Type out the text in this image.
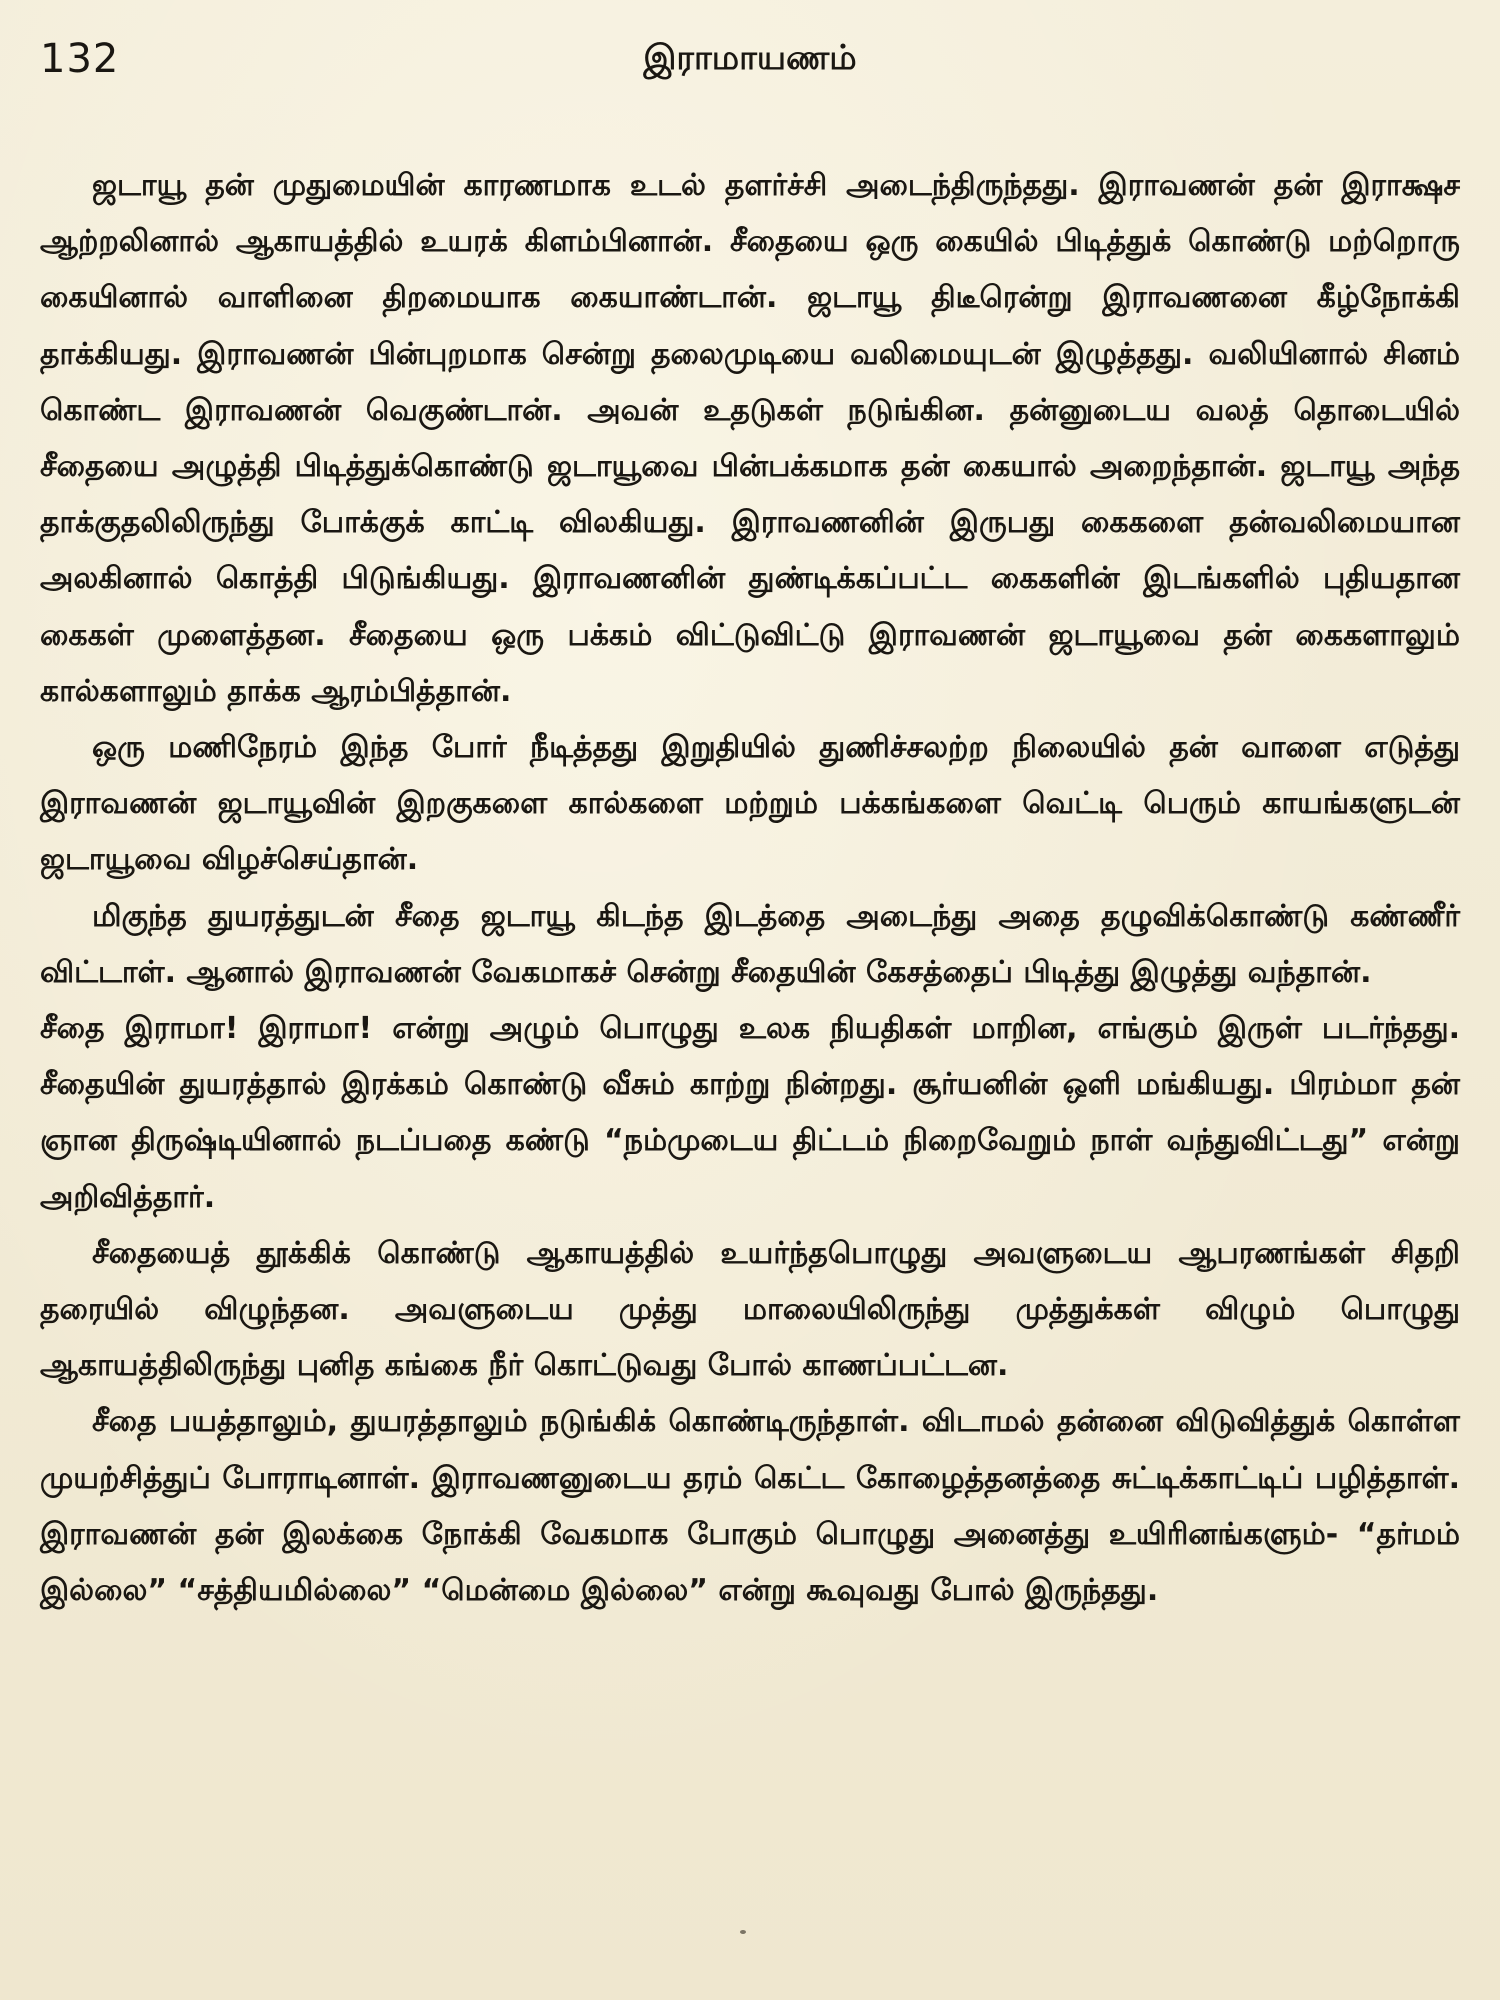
132	இராமாயணம்

ஜடாயூ தன் முதுமையின் காரணமாக உடல் தளர்ச்சி அடைந்திருந்தது. இராவணன் தன் இராக்ஷச ஆற்றலினால் ஆகாயத்தில் உயரக் கிளம்பினான். சீதையை ஒரு கையில் பிடித்துக் கொண்டு மற்றொரு கையினால் வாளினை திறமையாக கையாண்டான். ஜடாயூ திடீரென்று இராவணனை கீழ்நோக்கி தாக்கியது. இராவணன் பின்புறமாக சென்று தலைமுடியை வலிமையுடன் இழுத்தது. வலியினால் சினம் கொண்ட இராவணன் வெகுண்டான். அவன் உதடுகள் நடுங்கின. தன்னுடைய வலத் தொடையில் சீதையை அழுத்தி பிடித்துக்கொண்டு ஜடாயூவை பின்பக்கமாக தன் கையால் அறைந்தான். ஜடாயூ அந்த தாக்குதலிலிருந்து போக்குக் காட்டி விலகியது. இராவணனின் இருபது கைகளை தன்வலிமையான அலகினால் கொத்தி பிடுங்கியது. இராவணனின் துண்டிக்கப்பட்ட கைகளின் இடங்களில் புதியதான கைகள் முளைத்தன. சீதையை ஒரு பக்கம் விட்டுவிட்டு இராவணன் ஜடாயூவை தன் கைகளாலும் கால்களாலும் தாக்க ஆரம்பித்தான்.

ஒரு மணிநேரம் இந்த போர் நீடித்தது இறுதியில் துணிச்சலற்ற நிலையில் தன் வாளை எடுத்து இராவணன் ஜடாயூவின் இறகுகளை கால்களை மற்றும் பக்கங்களை வெட்டி பெரும் காயங்களுடன் ஜடாயூவை விழச்செய்தான்.

மிகுந்த துயரத்துடன் சீதை ஜடாயூ கிடந்த இடத்தை அடைந்து அதை தழுவிக்கொண்டு கண்ணீர் விட்டாள். ஆனால் இராவணன் வேகமாகச் சென்று சீதையின் கேசத்தைப் பிடித்து இழுத்து வந்தான்.

சீதை இராமா! இராமா! என்று அழும் பொழுது உலக நியதிகள் மாறின, எங்கும் இருள் படர்ந்தது. சீதையின் துயரத்தால் இரக்கம் கொண்டு வீசும் காற்று நின்றது. சூர்யனின் ஒளி மங்கியது. பிரம்மா தன் ஞான திருஷ்டியினால் நடப்பதை கண்டு “நம்முடைய திட்டம் நிறைவேறும் நாள் வந்துவிட்டது” என்று அறிவித்தார்.

சீதையைத் தூக்கிக் கொண்டு ஆகாயத்தில் உயர்ந்தபொழுது அவளுடைய ஆபரணங்கள் சிதறி தரையில் விழுந்தன. அவளுடைய முத்து மாலையிலிருந்து முத்துக்கள் விழும் பொழுது ஆகாயத்திலிருந்து புனித கங்கை நீர் கொட்டுவது போல் காணப்பட்டன.

சீதை பயத்தாலும், துயரத்தாலும் நடுங்கிக் கொண்டிருந்தாள். விடாமல் தன்னை விடுவித்துக் கொள்ள முயற்சித்துப் போராடினாள். இராவணனுடைய தரம் கெட்ட கோழைத்தனத்தை சுட்டிக்காட்டிப் பழித்தாள். இராவணன் தன் இலக்கை நோக்கி வேகமாக போகும் பொழுது அனைத்து உயிரினங்களும்- “தர்மம் இல்லை” “சத்தியமில்லை” “மென்மை இல்லை” என்று கூவுவது போல் இருந்தது.
